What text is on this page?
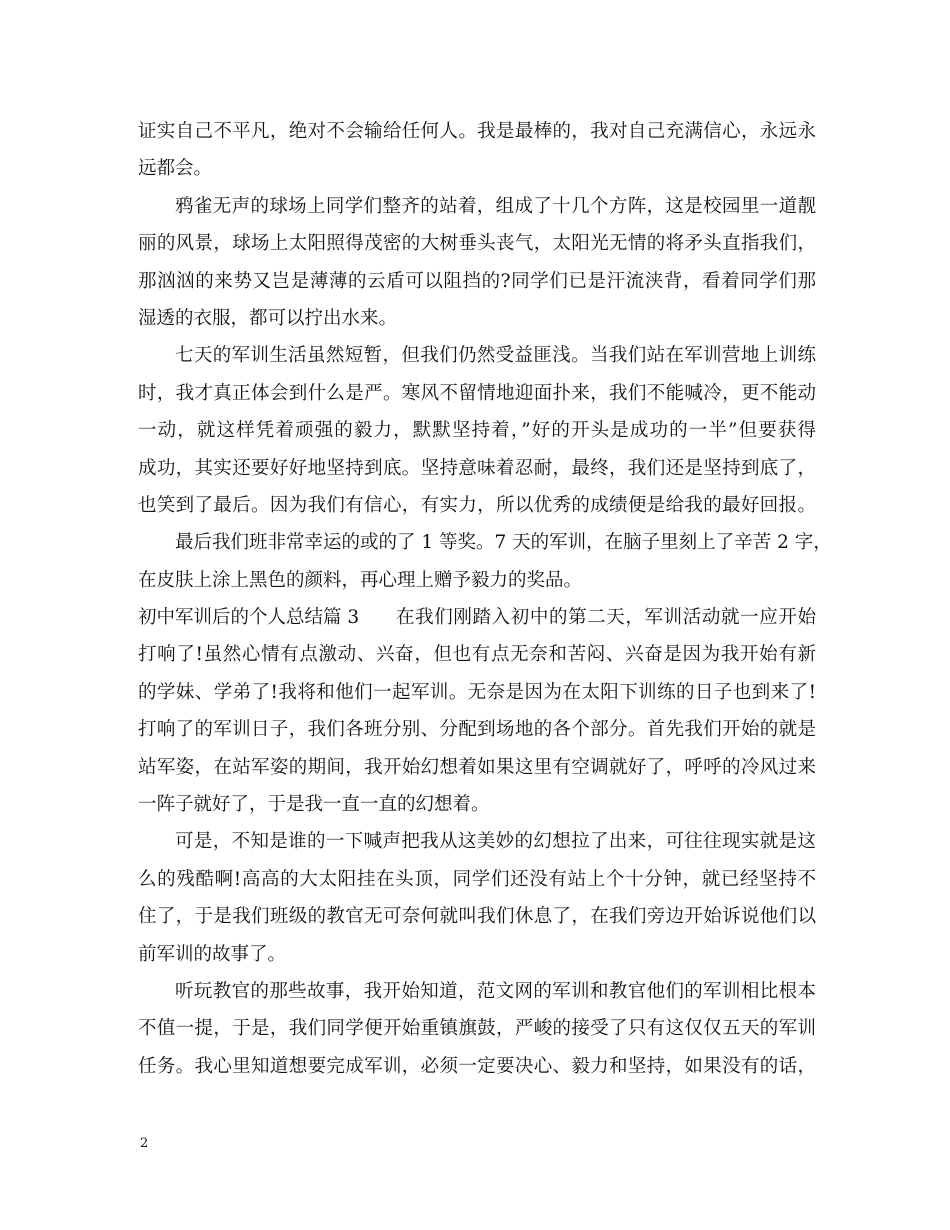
证实自己不平凡，绝对不会输给任何人。我是最棒的，我对自己充满信心，永远永
远都会。
鸦雀无声的球场上同学们整齐的站着，组成了十几个方阵，这是校园里一道靓
丽的风景，球场上太阳照得茂密的大树垂头丧气，太阳光无情的将矛头直指我们，
那汹汹的来势又岂是薄薄的云盾可以阻挡的?同学们已是汗流浃背，看着同学们那
湿透的衣服，都可以拧出水来。
七天的军训生活虽然短暂，但我们仍然受益匪浅。当我们站在军训营地上训练
时，我才真正体会到什么是严。寒风不留情地迎面扑来，我们不能喊冷，更不能动
一动，就这样凭着顽强的毅力，默默坚持着，”好的开头是成功的一半”但要获得
成功，其实还要好好地坚持到底。坚持意味着忍耐，最终，我们还是坚持到底了，
也笑到了最后。因为我们有信心，有实力，所以优秀的成绩便是给我的最好回报。
最后我们班非常幸运的或的了 1 等奖。7 天的军训，在脑子里刻上了辛苦 2 字，
在皮肤上涂上黑色的颜料，再心理上赠予毅力的奖品。
初中军训后的个人总结篇 3	在我们刚踏入初中的第二天，军训活动就一应开始
打响了!虽然心情有点激动、兴奋，但也有点无奈和苦闷、兴奋是因为我开始有新
的学妹、学弟了!我将和他们一起军训。无奈是因为在太阳下训练的日子也到来了!
打响了的军训日子，我们各班分别、分配到场地的各个部分。首先我们开始的就是
站军姿，在站军姿的期间，我开始幻想着如果这里有空调就好了，呼呼的冷风过来
一阵子就好了，于是我一直一直的幻想着。
可是，不知是谁的一下喊声把我从这美妙的幻想拉了出来，可往往现实就是这
么的残酷啊!高高的大太阳挂在头顶，同学们还没有站上个十分钟，就已经坚持不
住了，于是我们班级的教官无可奈何就叫我们休息了，在我们旁边开始诉说他们以
前军训的故事了。
听玩教官的那些故事，我开始知道，范文网的军训和教官他们的军训相比根本
不值一提，于是，我们同学便开始重镇旗鼓，严峻的接受了只有这仅仅五天的军训
任务。我心里知道想要完成军训，必须一定要决心、毅力和坚持，如果没有的话，
2
